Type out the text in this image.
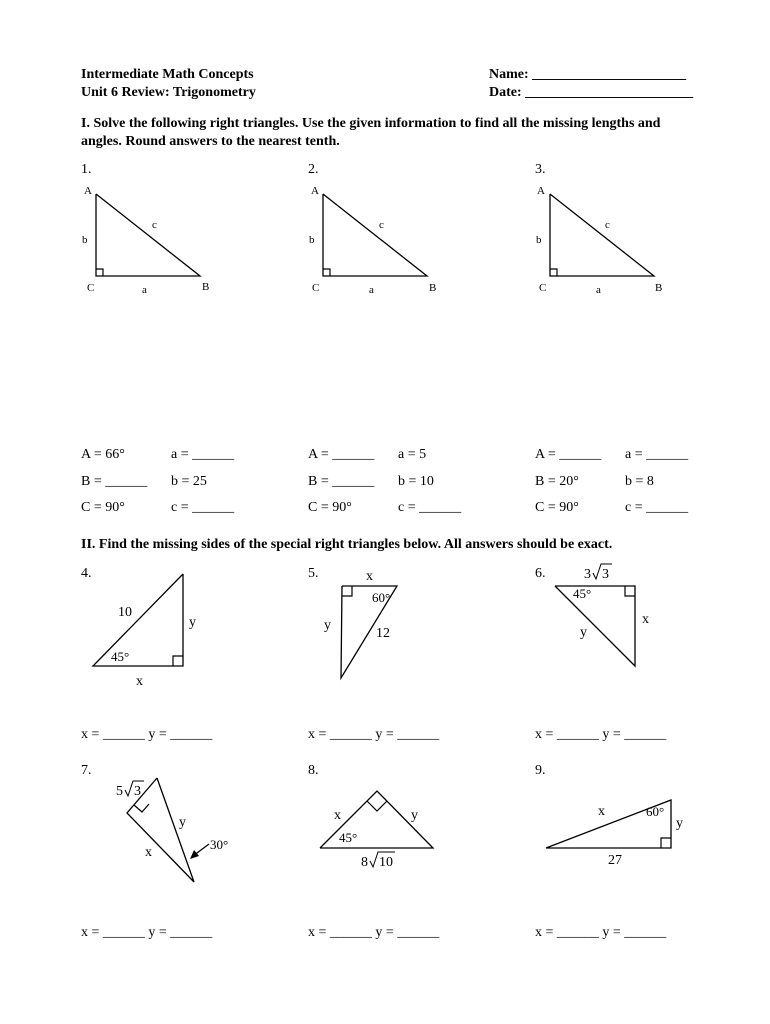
Intermediate Math Concepts
Unit 6 Review: Trigonometry
Name: ______________________
Date: ________________________
I. Solve the following right triangles. Use the given information to find all the missing lengths and angles. Round answers to the nearest tenth.
1.	2.	3.
A
b
c
C	a	B
A
b
c
C	a	B
A
b
c
C	a	B
A = 66°	a = ______
B = ______ b = 25
C = 90°	c = ______
A = ______ a = 5
B = ______ b = 10
C = 90°	c = ______
A = ______ a = ______
B = 20°	b = 8
C = 90°	c = ______
II. Find the missing sides of the special right triangles below. All answers should be exact.
4.	5.	6.
10
y
45°
x
x
60°
y
12
3 3
45°
x
y
x = ______ y = ______	x = ______ y = ______	x = ______ y = ______
7.	8.	9.
5 3
y
x
30°
x	y
45°
8 10
x	60°
y
27
x = ______ y = ______	x = ______ y = ______	x = ______ y = ______
